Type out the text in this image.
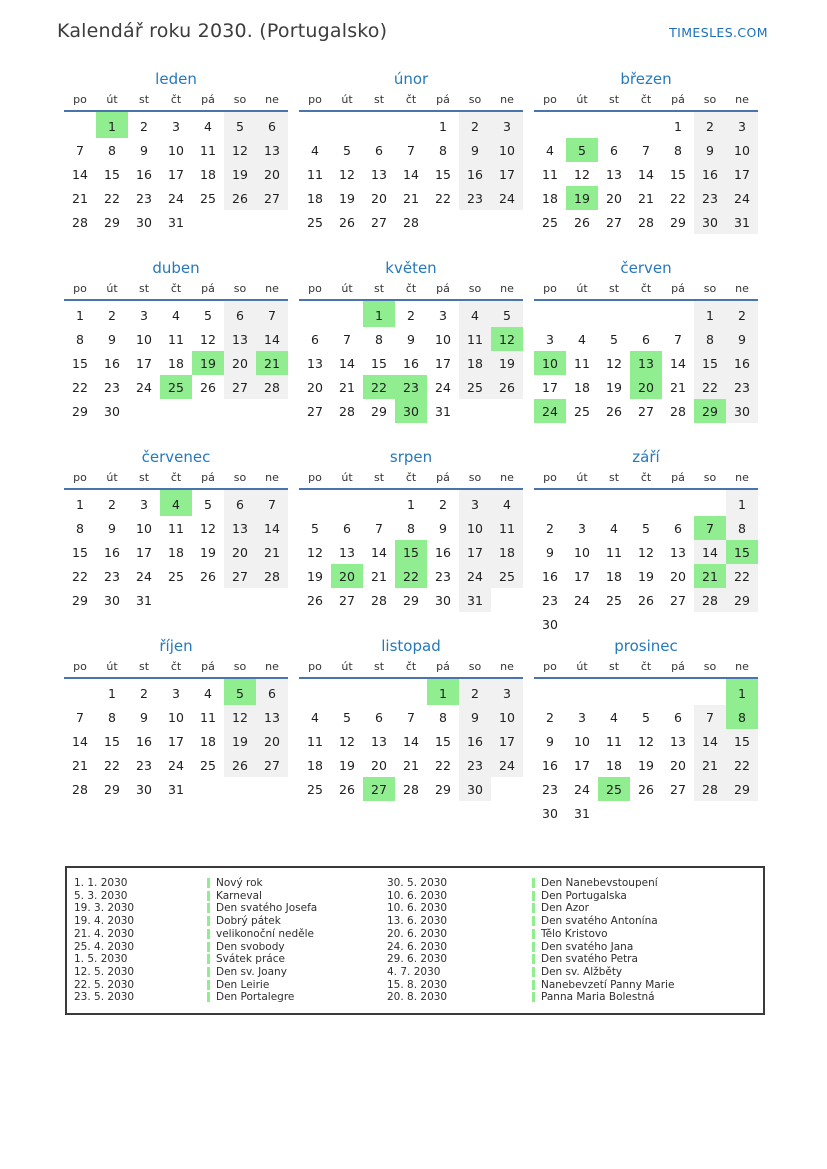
Kalendář roku 2030. (Portugalsko)	TIMESLES.COM
leden
po	út	st	čt	pá	so	ne
	1	2	3	4	5	6
7	8	9	10	11	12	13
14	15	16	17	18	19	20
21	22	23	24	25	26	27
28	29	30	31			
únor
po	út	st	čt	pá	so	ne
				1	2	3
4	5	6	7	8	9	10
11	12	13	14	15	16	17
18	19	20	21	22	23	24
25	26	27	28			
březen
po	út	st	čt	pá	so	ne
				1	2	3
4	5	6	7	8	9	10
11	12	13	14	15	16	17
18	19	20	21	22	23	24
25	26	27	28	29	30	31
duben
po	út	st	čt	pá	so	ne
1	2	3	4	5	6	7
8	9	10	11	12	13	14
15	16	17	18	19	20	21
22	23	24	25	26	27	28
29	30					
květen
po	út	st	čt	pá	so	ne
		1	2	3	4	5
6	7	8	9	10	11	12
13	14	15	16	17	18	19
20	21	22	23	24	25	26
27	28	29	30	31		
červen
po	út	st	čt	pá	so	ne
					1	2
3	4	5	6	7	8	9
10	11	12	13	14	15	16
17	18	19	20	21	22	23
24	25	26	27	28	29	30
červenec
po	út	st	čt	pá	so	ne
1	2	3	4	5	6	7
8	9	10	11	12	13	14
15	16	17	18	19	20	21
22	23	24	25	26	27	28
29	30	31				
srpen
po	út	st	čt	pá	so	ne
			1	2	3	4
5	6	7	8	9	10	11
12	13	14	15	16	17	18
19	20	21	22	23	24	25
26	27	28	29	30	31	
září
po	út	st	čt	pá	so	ne
						1
2	3	4	5	6	7	8
9	10	11	12	13	14	15
16	17	18	19	20	21	22
23	24	25	26	27	28	29
30						
říjen
po	út	st	čt	pá	so	ne
	1	2	3	4	5	6
7	8	9	10	11	12	13
14	15	16	17	18	19	20
21	22	23	24	25	26	27
28	29	30	31			
listopad
po	út	st	čt	pá	so	ne
				1	2	3
4	5	6	7	8	9	10
11	12	13	14	15	16	17
18	19	20	21	22	23	24
25	26	27	28	29	30	
prosinec
po	út	st	čt	pá	so	ne
						1
2	3	4	5	6	7	8
9	10	11	12	13	14	15
16	17	18	19	20	21	22
23	24	25	26	27	28	29
30	31					
1. 1. 2030	Nový rok	30. 5. 2030	Den Nanebevstoupení
5. 3. 2030	Karneval	10. 6. 2030	Den Portugalska
19. 3. 2030	Den svatého Josefa	10. 6. 2030	Den Azor
19. 4. 2030	Dobrý pátek	13. 6. 2030	Den svatého Antonína
21. 4. 2030	velikonoční neděle	20. 6. 2030	Tělo Kristovo
25. 4. 2030	Den svobody	24. 6. 2030	Den svatého Jana
1. 5. 2030	Svátek práce	29. 6. 2030	Den svatého Petra
12. 5. 2030	Den sv. Joany	4. 7. 2030	Den sv. Alžběty
22. 5. 2030	Den Leirie	15. 8. 2030	Nanebevzetí Panny Marie
23. 5. 2030	Den Portalegre	20. 8. 2030	Panna Maria Bolestná
